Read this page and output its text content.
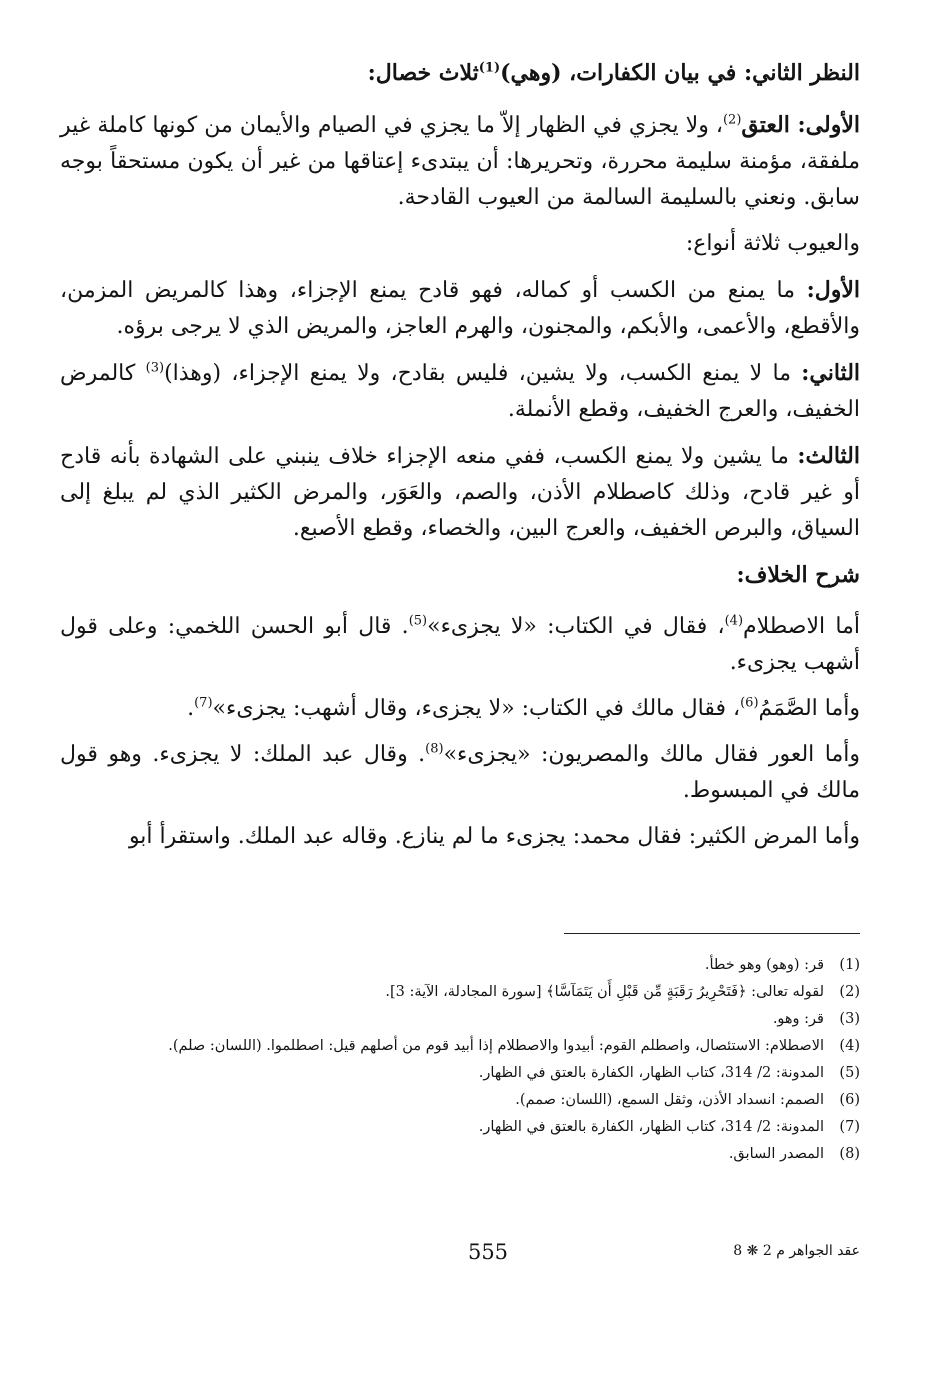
النظر الثاني: في بيان الكفارات، (وهي)$^{(1)}$ثلاث خصال:

الأولى: العتق$^{(2)}$، ولا يجزي في الظهار إلاّ ما يجزي في الصيام والأيمان من كونها كاملة غير ملفقة، مؤمنة سليمة محررة، وتحريرها: أن يبتدىء إعتاقها من غير أن يكون مستحقاً بوجه سابق. ونعني بالسليمة السالمة من العيوب القادحة.

والعيوب ثلاثة أنواع:

الأول: ما يمنع من الكسب أو كماله، فهو قادح يمنع الإجزاء، وهذا كالمريض المزمن، والأقطع، والأعمى، والأبكم، والمجنون، والهرم العاجز، والمريض الذي لا يرجى برؤه.

الثاني: ما لا يمنع الكسب، ولا يشين، فليس بقادح، ولا يمنع الإجزاء، (وهذا)$^{(3)}$ كالمرض الخفيف، والعرج الخفيف، وقطع الأنملة.

الثالث: ما يشين ولا يمنع الكسب، ففي منعه الإجزاء خلاف ينبني على الشهادة بأنه قادح أو غير قادح، وذلك كاصطلام الأذن، والصم، والعَوَر، والمرض الكثير الذي لم يبلغ إلى السياق، والبرص الخفيف، والعرج البين، والخصاء، وقطع الأصبع.

شرح الخلاف:

أما الاصطلام$^{(4)}$، فقال في الكتاب: «لا يجزىء»$^{(5)}$. قال أبو الحسن اللخمي: وعلى قول أشهب يجزىء.

وأما الصَّمَمُ$^{(6)}$، فقال مالك في الكتاب: «لا يجزىء، وقال أشهب: يجزىء»$^{(7)}$.

وأما العور فقال مالك والمصريون: «يجزىء»$^{(8)}$. وقال عبد الملك: لا يجزىء. وهو قول مالك في المبسوط.

وأما المرض الكثير: فقال محمد: يجزىء ما لم ينازع. وقاله عبد الملك. واستقرأ أبو

(1)
قر: (وهو) وهو خطأ.
(2)
لقوله تعالى: ﴿فَتَحْرِيرُ رَقَبَةٍ مِّن قَبْلِ أَن يَتَمَآسَّا﴾ [سورة المجادلة، الآية: 3].
(3)
قر: وهو.
(4)
الاصطلام: الاستئصال، واصطلم القوم: أبيدوا والاصطلام إذا أبيد قوم من أصلهم قيل: اصطلموا. (اللسان: صلم).
(5)
المدونة: 2/ 314، كتاب الظهار، الكفارة بالعتق في الظهار.
(6)
الصمم: انسداد الأذن، وثقل السمع، (اللسان: صمم).
(7)
المدونة: 2/ 314، كتاب الظهار، الكفارة بالعتق في الظهار.
(8)
المصدر السابق.
555	عقد الجواهر م 2 ❋ 8
